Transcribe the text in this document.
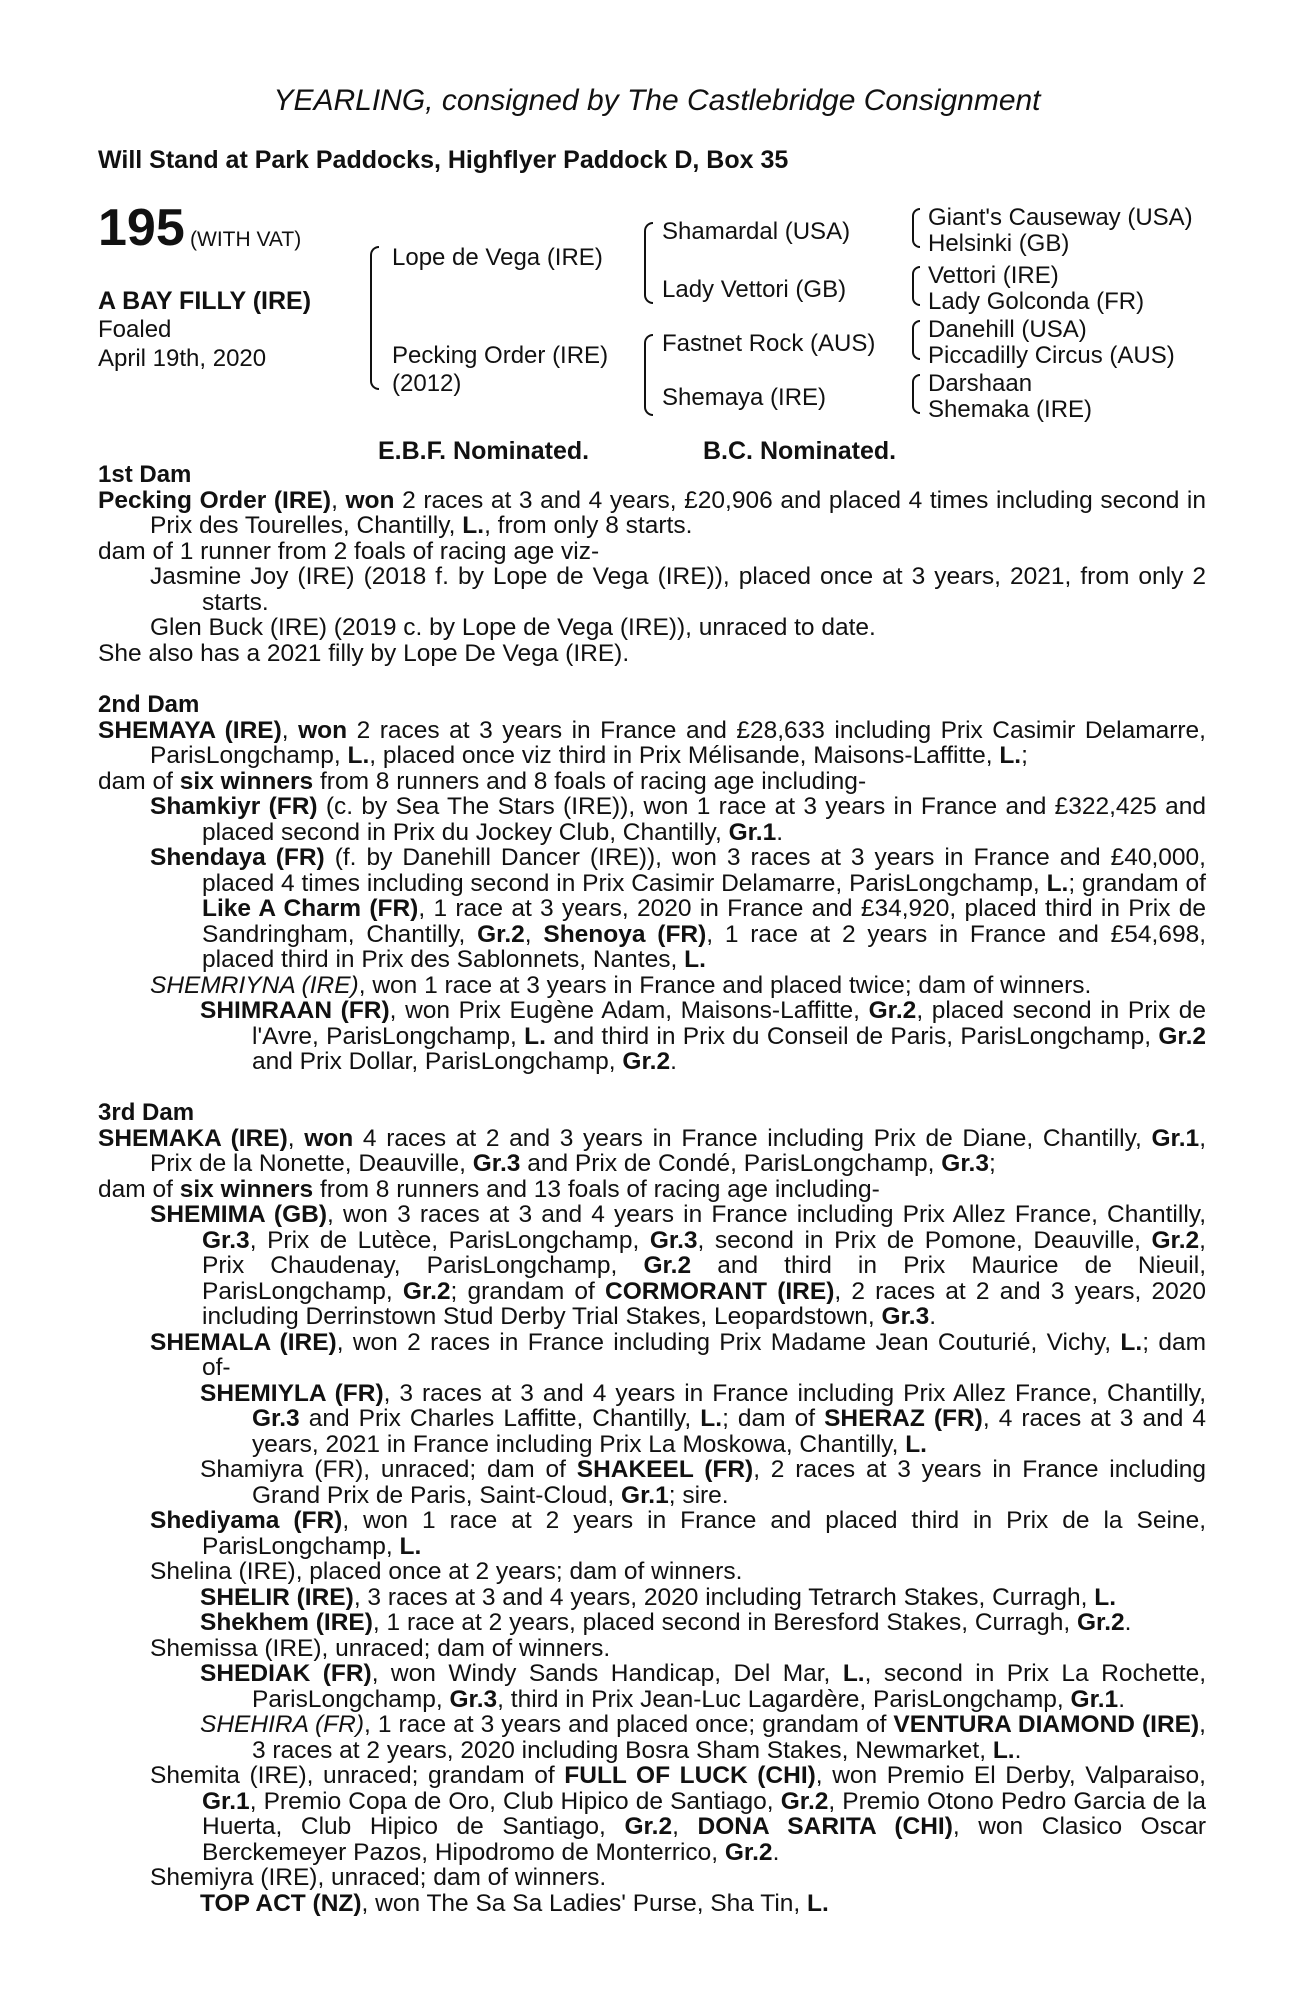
YEARLING, consigned by The Castlebridge Consignment
Will Stand at Park Paddocks, Highflyer Paddock D, Box 35
195 (WITH VAT)
A BAY FILLY (IRE)
Foaled
April 19th, 2020
Lope de Vega (IRE)
Pecking Order (IRE)
(2012)
Shamardal (USA)
Lady Vettori (GB)
Fastnet Rock (AUS)
Shemaya (IRE)
Giant's Causeway (USA)
Helsinki (GB)
Vettori (IRE)
Lady Golconda (FR)
Danehill (USA)
Piccadilly Circus (AUS)
Darshaan
Shemaka (IRE)
E.B.F. Nominated.	B.C. Nominated.
1st Dam

Pecking Order (IRE), won 2 races at 3 and 4 years, £20,906 and placed 4 times including second in Prix des Tourelles, Chantilly, L., from only 8 starts.

dam of 1 runner from 2 foals of racing age viz-

Jasmine Joy (IRE) (2018 f. by Lope de Vega (IRE)), placed once at 3 years, 2021, from only 2 starts.

Glen Buck (IRE) (2019 c. by Lope de Vega (IRE)), unraced to date.

She also has a 2021 filly by Lope De Vega (IRE).

2nd Dam

SHEMAYA (IRE), won 2 races at 3 years in France and £28,633 including Prix Casimir Delamarre, ParisLongchamp, L., placed once viz third in Prix Mélisande, Maisons-Laffitte, L.;

dam of six winners from 8 runners and 8 foals of racing age including-

Shamkiyr (FR) (c. by Sea The Stars (IRE)), won 1 race at 3 years in France and £322,425 and placed second in Prix du Jockey Club, Chantilly, Gr.1.

Shendaya (FR) (f. by Danehill Dancer (IRE)), won 3 races at 3 years in France and £40,000, placed 4 times including second in Prix Casimir Delamarre, ParisLongchamp, L.; grandam of Like A Charm (FR), 1 race at 3 years, 2020 in France and £34,920, placed third in Prix de Sandringham, Chantilly, Gr.2, Shenoya (FR), 1 race at 2 years in France and £54,698, placed third in Prix des Sablonnets, Nantes, L.

SHEMRIYNA (IRE), won 1 race at 3 years in France and placed twice; dam of winners.

SHIMRAAN (FR), won Prix Eugène Adam, Maisons-Laffitte, Gr.2, placed second in Prix de l'Avre, ParisLongchamp, L. and third in Prix du Conseil de Paris, ParisLongchamp, Gr.2 and Prix Dollar, ParisLongchamp, Gr.2.

3rd Dam

SHEMAKA (IRE), won 4 races at 2 and 3 years in France including Prix de Diane, Chantilly, Gr.1, Prix de la Nonette, Deauville, Gr.3 and Prix de Condé, ParisLongchamp, Gr.3;

dam of six winners from 8 runners and 13 foals of racing age including-

SHEMIMA (GB), won 3 races at 3 and 4 years in France including Prix Allez France, Chantilly, Gr.3, Prix de Lutèce, ParisLongchamp, Gr.3, second in Prix de Pomone, Deauville, Gr.2, Prix Chaudenay, ParisLongchamp, Gr.2 and third in Prix Maurice de Nieuil, ParisLongchamp, Gr.2; grandam of CORMORANT (IRE), 2 races at 2 and 3 years, 2020 including Derrinstown Stud Derby Trial Stakes, Leopardstown, Gr.3.

SHEMALA (IRE), won 2 races in France including Prix Madame Jean Couturié, Vichy, L.; dam of-

SHEMIYLA (FR), 3 races at 3 and 4 years in France including Prix Allez France, Chantilly, Gr.3 and Prix Charles Laffitte, Chantilly, L.; dam of SHERAZ (FR), 4 races at 3 and 4 years, 2021 in France including Prix La Moskowa, Chantilly, L.

Shamiyra (FR), unraced; dam of SHAKEEL (FR), 2 races at 3 years in France including Grand Prix de Paris, Saint-Cloud, Gr.1; sire.

Shediyama (FR), won 1 race at 2 years in France and placed third in Prix de la Seine, ParisLongchamp, L.

Shelina (IRE), placed once at 2 years; dam of winners.

SHELIR (IRE), 3 races at 3 and 4 years, 2020 including Tetrarch Stakes, Curragh, L.

Shekhem (IRE), 1 race at 2 years, placed second in Beresford Stakes, Curragh, Gr.2.

Shemissa (IRE), unraced; dam of winners.

SHEDIAK (FR), won Windy Sands Handicap, Del Mar, L., second in Prix La Rochette, ParisLongchamp, Gr.3, third in Prix Jean-Luc Lagardère, ParisLongchamp, Gr.1.

SHEHIRA (FR), 1 race at 3 years and placed once; grandam of VENTURA DIAMOND (IRE), 3 races at 2 years, 2020 including Bosra Sham Stakes, Newmarket, L..

Shemita (IRE), unraced; grandam of FULL OF LUCK (CHI), won Premio El Derby, Valparaiso, Gr.1, Premio Copa de Oro, Club Hipico de Santiago, Gr.2, Premio Otono Pedro Garcia de la Huerta, Club Hipico de Santiago, Gr.2, DONA SARITA (CHI), won Clasico Oscar Berckemeyer Pazos, Hipodromo de Monterrico, Gr.2.

Shemiyra (IRE), unraced; dam of winners.

TOP ACT (NZ), won The Sa Sa Ladies' Purse, Sha Tin, L.
